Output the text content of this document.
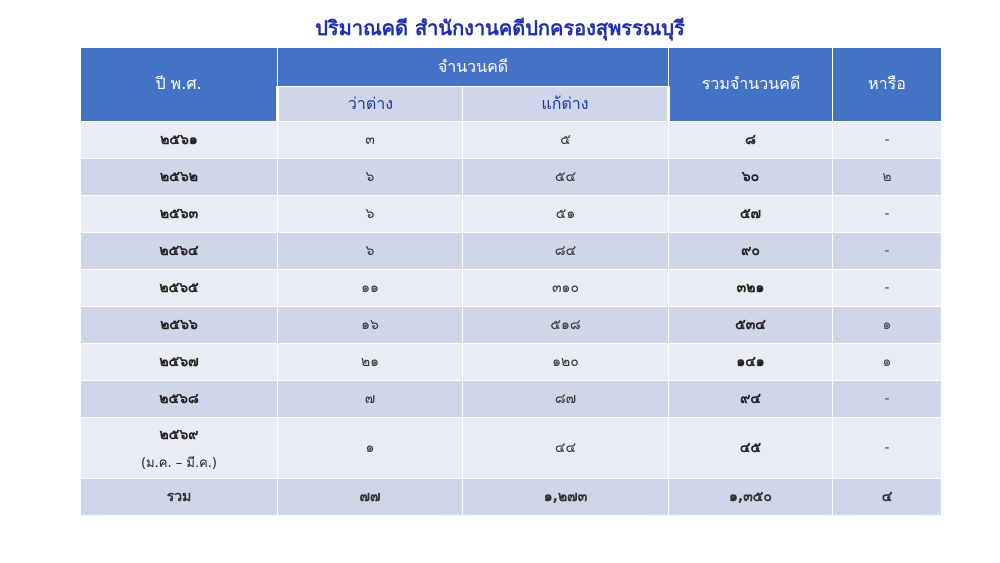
ปริมาณคดี สำนักงานคดีปกครองสุพรรณบุรี
ปี พ.ศ.	จำนวนคดี		รวมจำนวนคดี	หารือ
	ว่าต่าง	แก้ต่าง		
๒๕๖๑	๓	๕	๘	-
๒๕๖๒	๖	๕๔	๖๐	๒
๒๕๖๓	๖	๕๑	๕๗	-
๒๕๖๔	๖	๘๔	๙๐	-
๒๕๖๕	๑๑	๓๑๐	๓๒๑	-
๒๕๖๖	๑๖	๕๑๘	๕๓๔	๑
๒๕๖๗	๒๑	๑๒๐	๑๔๑	๑
๒๕๖๘	๗	๘๗	๙๔	-
๒๕๖๙
(ม.ค. – มี.ค.)	๑	๔๔	๔๕	-
รวม	๗๗	๑,๒๗๓	๑,๓๕๐	๔
